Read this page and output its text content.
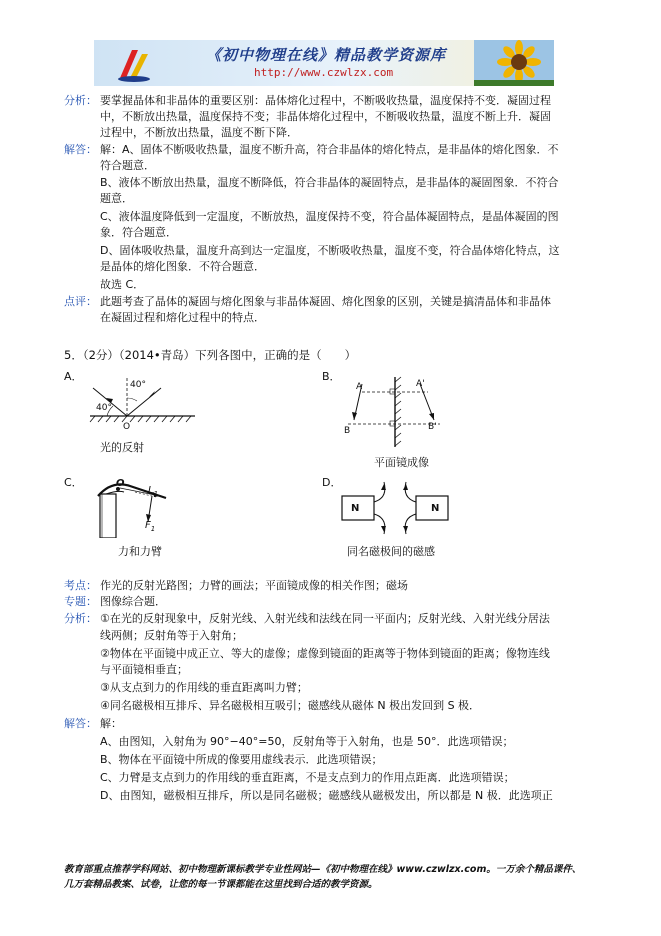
《初中物理在线》精品教学资源库
http://www.czwlzx.com
分析： 要掌握晶体和非晶体的重要区别：晶体熔化过程中，不断吸收热量，温度保持不变．凝固过程
中，不断放出热量，温度保持不变；非晶体熔化过程中，不断吸收热量，温度不断上升．凝固
过程中，不断放出热量，温度不断下降．
解答： 解：A、固体不断吸收热量，温度不断升高，符合非晶体的熔化特点，是非晶体的熔化图象．不
符合题意．
B、液体不断放出热量，温度不断降低，符合非晶体的凝固特点，是非晶体的凝固图象．不符合
题意．
C、液体温度降低到一定温度，不断放热，温度保持不变，符合晶体凝固特点，是晶体凝固的图
象．符合题意．
D、固体吸收热量，温度升高到达一定温度，不断吸收热量，温度不变，符合晶体熔化特点，这
是晶体的熔化图象．不符合题意．
故选 C．
点评： 此题考查了晶体的凝固与熔化图象与非晶体凝固、熔化图象的区别，关键是搞清晶体和非晶体
在凝固过程和熔化过程中的特点．
5．（2分）（2014•青岛）下列各图中，正确的是（　　）
A．
40°
40°
O
光的反射
B．
A	A'
B	B'
平面镜成像
C．	O
$L_1$
$F_1$
力和力臂
D．
N	N
同名磁极间的磁感
考点： 作光的反射光路图；力臂的画法；平面镜成像的相关作图；磁场
专题： 图像综合题．
分析： ①在光的反射现象中，反射光线、入射光线和法线在同一平面内；反射光线、入射光线分居法
线两侧；反射角等于入射角；
②物体在平面镜中成正立、等大的虚像；虚像到镜面的距离等于物体到镜面的距离；像物连线
与平面镜相垂直；
③从支点到力的作用线的垂直距离叫力臂；
④同名磁极相互排斥、异名磁极相互吸引；磁感线从磁体 N 极出发回到 S 极．
解答： 解：
A、由图知，入射角为 90°−40°=50，反射角等于入射角，也是 50°．此选项错误；
B、物体在平面镜中所成的像要用虚线表示．此选项错误；
C、力臂是支点到力的作用线的垂直距离，不是支点到力的作用点距离．此选项错误；
D、由图知，磁极相互排斥，所以是同名磁极；磁感线从磁极发出，所以都是 N 极．此选项正
教育部重点推荐学科网站、初中物理新课标教学专业性网站—《初中物理在线》www.czwlzx.com。一万余个精品课件、
几万套精品教案、试卷，让您的每一节课都能在这里找到合适的教学资源。
